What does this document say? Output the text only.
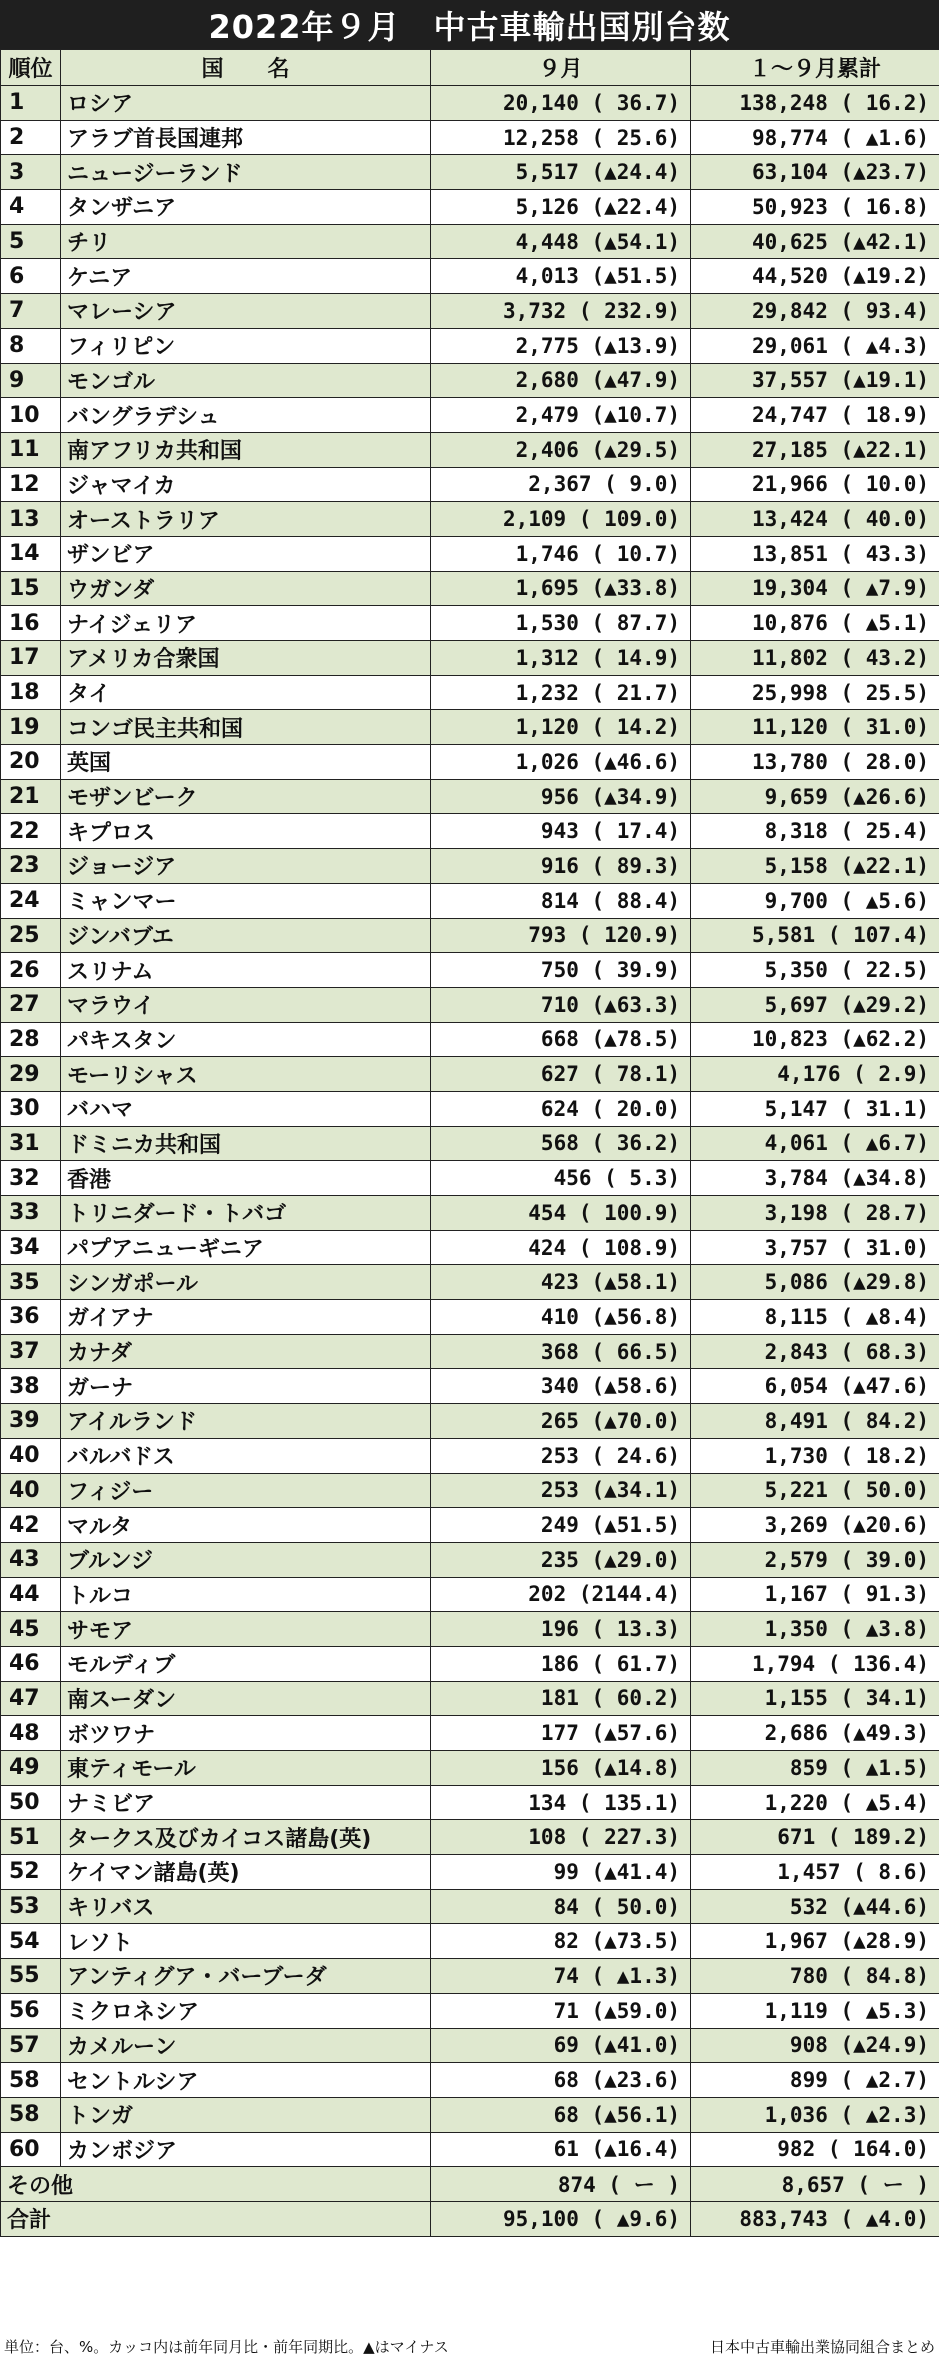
2022年９月　中古車輸出国別台数
順位	国　　名	９月	１～９月累計
1	ロシア	20,140 ( 36.7)	138,248 ( 16.2)
2	アラブ首長国連邦	12,258 ( 25.6)	98,774 ( ▲1.6)
3	ニュージーランド	5,517 (▲24.4)	63,104 (▲23.7)
4	タンザニア	5,126 (▲22.4)	50,923 ( 16.8)
5	チリ	4,448 (▲54.1)	40,625 (▲42.1)
6	ケニア	4,013 (▲51.5)	44,520 (▲19.2)
7	マレーシア	3,732 ( 232.9)	29,842 ( 93.4)
8	フィリピン	2,775 (▲13.9)	29,061 ( ▲4.3)
9	モンゴル	2,680 (▲47.9)	37,557 (▲19.1)
10	バングラデシュ	2,479 (▲10.7)	24,747 ( 18.9)
11	南アフリカ共和国	2,406 (▲29.5)	27,185 (▲22.1)
12	ジャマイカ	2,367 ( 9.0)	21,966 ( 10.0)
13	オーストラリア	2,109 ( 109.0)	13,424 ( 40.0)
14	ザンビア	1,746 ( 10.7)	13,851 ( 43.3)
15	ウガンダ	1,695 (▲33.8)	19,304 ( ▲7.9)
16	ナイジェリア	1,530 ( 87.7)	10,876 ( ▲5.1)
17	アメリカ合衆国	1,312 ( 14.9)	11,802 ( 43.2)
18	タイ	1,232 ( 21.7)	25,998 ( 25.5)
19	コンゴ民主共和国	1,120 ( 14.2)	11,120 ( 31.0)
20	英国	1,026 (▲46.6)	13,780 ( 28.0)
21	モザンビーク	956 (▲34.9)	9,659 (▲26.6)
22	キプロス	943 ( 17.4)	8,318 ( 25.4)
23	ジョージア	916 ( 89.3)	5,158 (▲22.1)
24	ミャンマー	814 ( 88.4)	9,700 ( ▲5.6)
25	ジンバブエ	793 ( 120.9)	5,581 ( 107.4)
26	スリナム	750 ( 39.9)	5,350 ( 22.5)
27	マラウイ	710 (▲63.3)	5,697 (▲29.2)
28	パキスタン	668 (▲78.5)	10,823 (▲62.2)
29	モーリシャス	627 ( 78.1)	4,176 ( 2.9)
30	バハマ	624 ( 20.0)	5,147 ( 31.1)
31	ドミニカ共和国	568 ( 36.2)	4,061 ( ▲6.7)
32	香港	456 ( 5.3)	3,784 (▲34.8)
33	トリニダード・トバゴ	454 ( 100.9)	3,198 ( 28.7)
34	パプアニューギニア	424 ( 108.9)	3,757 ( 31.0)
35	シンガポール	423 (▲58.1)	5,086 (▲29.8)
36	ガイアナ	410 (▲56.8)	8,115 ( ▲8.4)
37	カナダ	368 ( 66.5)	2,843 ( 68.3)
38	ガーナ	340 (▲58.6)	6,054 (▲47.6)
39	アイルランド	265 (▲70.0)	8,491 ( 84.2)
40	バルバドス	253 ( 24.6)	1,730 ( 18.2)
40	フィジー	253 (▲34.1)	5,221 ( 50.0)
42	マルタ	249 (▲51.5)	3,269 (▲20.6)
43	ブルンジ	235 (▲29.0)	2,579 ( 39.0)
44	トルコ	202 (2144.4)	1,167 ( 91.3)
45	サモア	196 ( 13.3)	1,350 ( ▲3.8)
46	モルディブ	186 ( 61.7)	1,794 ( 136.4)
47	南スーダン	181 ( 60.2)	1,155 ( 34.1)
48	ボツワナ	177 (▲57.6)	2,686 (▲49.3)
49	東ティモール	156 (▲14.8)	859 ( ▲1.5)
50	ナミビア	134 ( 135.1)	1,220 ( ▲5.4)
51	タークス及びカイコス諸島(英)	108 ( 227.3)	671 ( 189.2)
52	ケイマン諸島(英)	99 (▲41.4)	1,457 ( 8.6)
53	キリバス	84 ( 50.0)	532 (▲44.6)
54	レソト	82 (▲73.5)	1,967 (▲28.9)
55	アンティグア・バーブーダ	74 ( ▲1.3)	780 ( 84.8)
56	ミクロネシア	71 (▲59.0)	1,119 ( ▲5.3)
57	カメルーン	69 (▲41.0)	908 (▲24.9)
58	セントルシア	68 (▲23.6)	899 ( ▲2.7)
58	トンガ	68 (▲56.1)	1,036 ( ▲2.3)
60	カンボジア	61 (▲16.4)	982 ( 164.0)
その他		874 ( ー )	8,657 ( ー )
合計		95,100 ( ▲9.6)	883,743 ( ▲4.0)
単位：台、%。カッコ内は前年同月比・前年同期比。▲はマイナス	日本中古車輸出業協同組合まとめ
